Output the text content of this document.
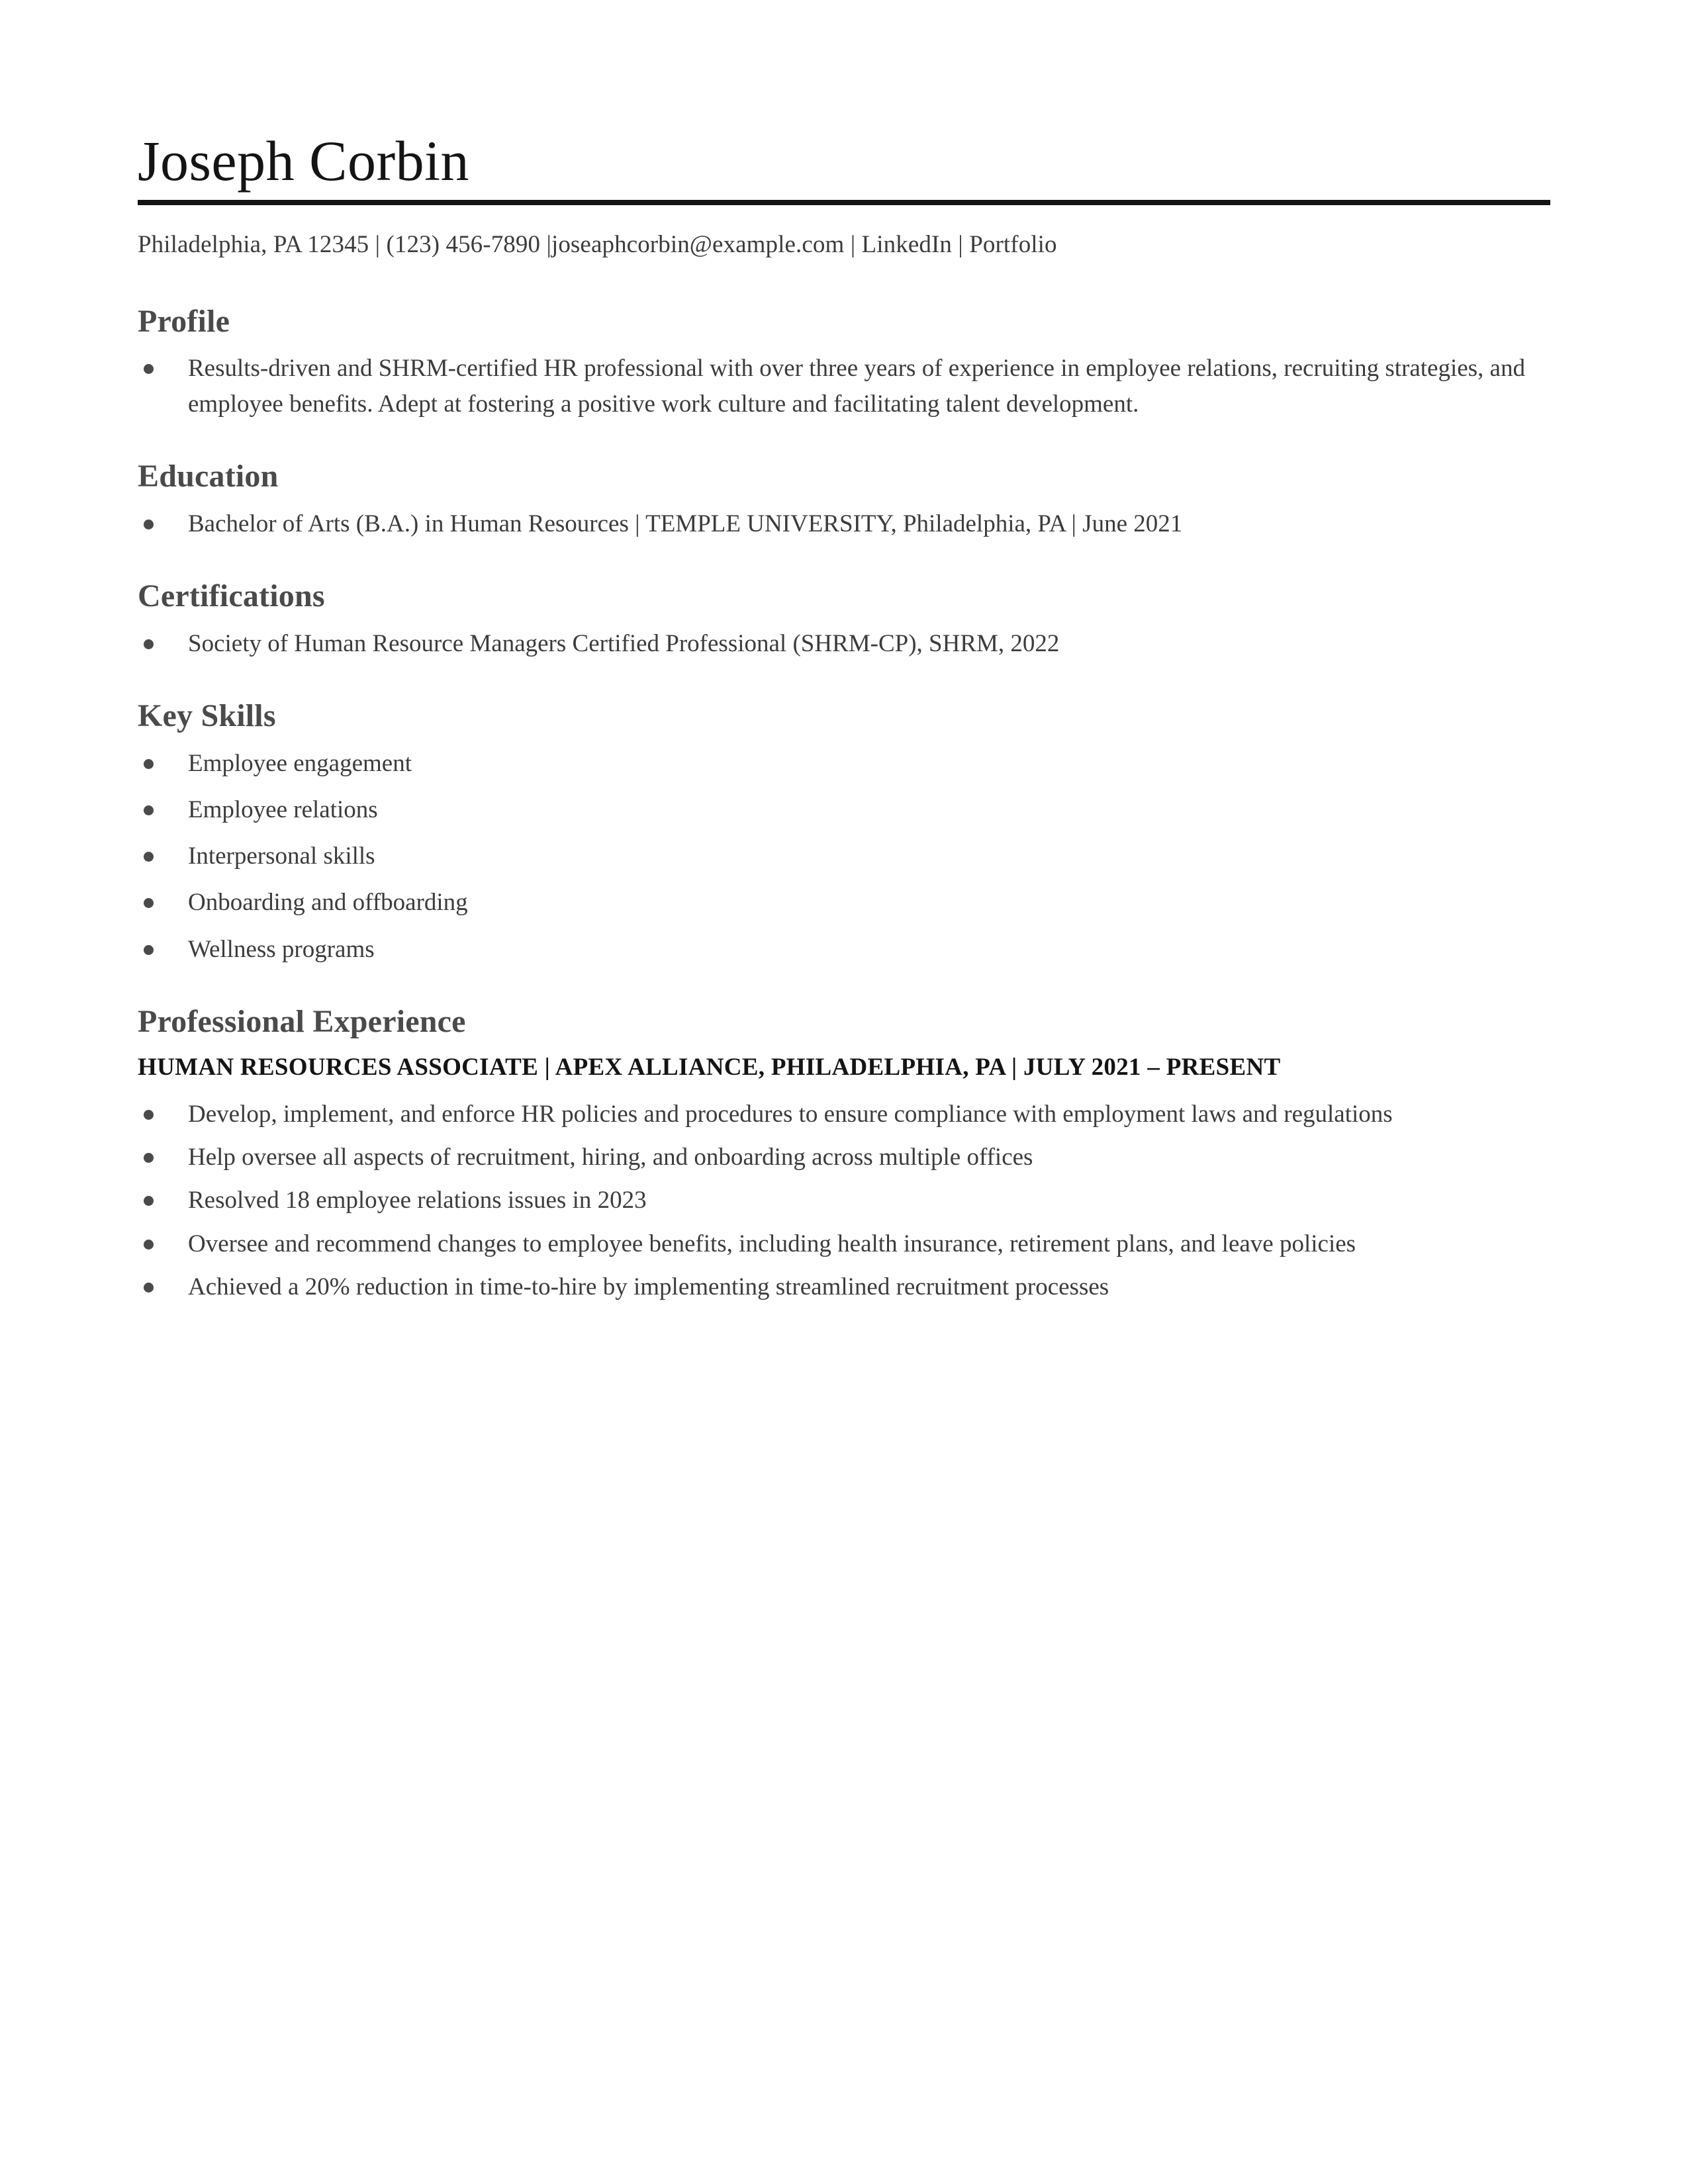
Joseph Corbin
Philadelphia, PA 12345 | (123) 456-7890 |joseaphcorbin@example.com | LinkedIn | Portfolio
Profile
Results-driven and SHRM-certified HR professional with over three years of experience in employee relations, recruiting strategies, and employee benefits. Adept at fostering a positive work culture and facilitating talent development.
Education
Bachelor of Arts (B.A.) in Human Resources | TEMPLE UNIVERSITY, Philadelphia, PA | June 2021
Certifications
Society of Human Resource Managers Certified Professional (SHRM-CP), SHRM, 2022
Key Skills
Employee engagement
Employee relations
Interpersonal skills
Onboarding and offboarding
Wellness programs
Professional Experience
HUMAN RESOURCES ASSOCIATE | APEX ALLIANCE, PHILADELPHIA, PA | JULY 2021 – PRESENT
Develop, implement, and enforce HR policies and procedures to ensure compliance with employment laws and regulations
Help oversee all aspects of recruitment, hiring, and onboarding across multiple offices
Resolved 18 employee relations issues in 2023
Oversee and recommend changes to employee benefits, including health insurance, retirement plans, and leave policies
Achieved a 20% reduction in time-to-hire by implementing streamlined recruitment processes
